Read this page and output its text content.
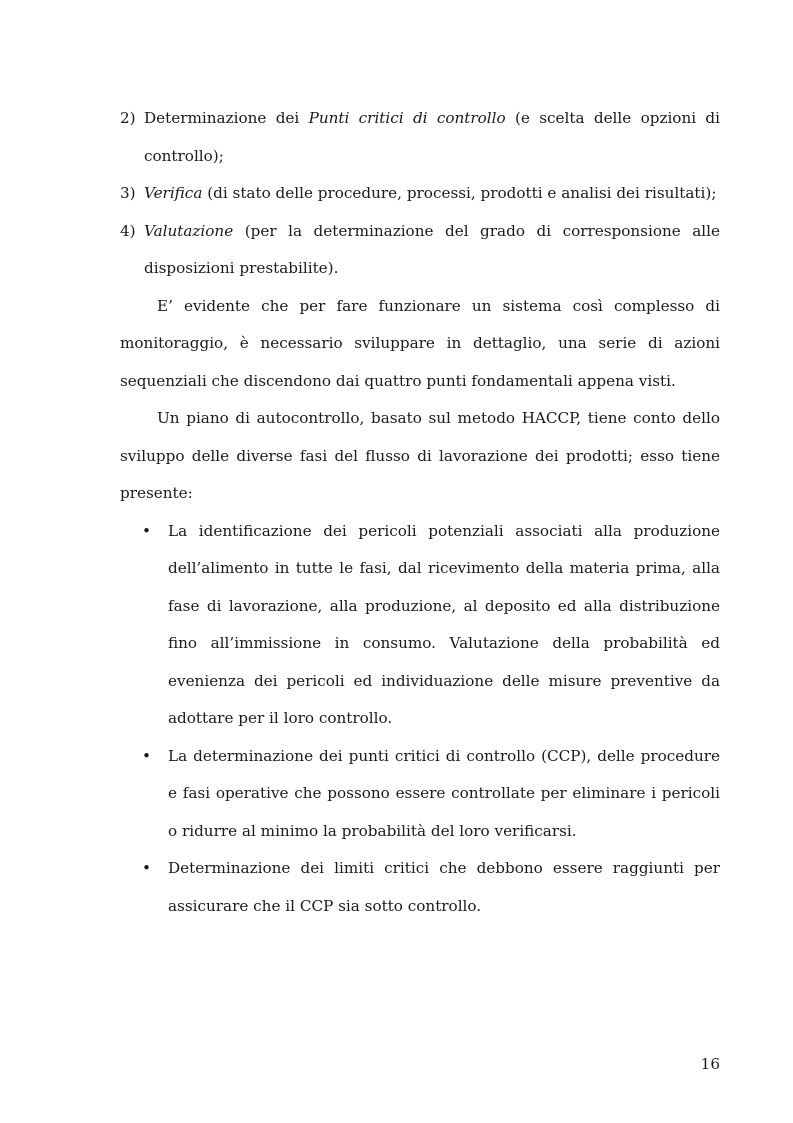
2) Determinazione dei Punti critici di controllo (e scelta delle opzioni di controllo);
3) Verifica (di stato delle procedure, processi, prodotti e analisi dei risultati);
4) Valutazione (per la determinazione del grado di corresponsione alle disposizioni prestabilite).

E’ evidente che per fare funzionare un sistema così complesso di monitoraggio, è necessario sviluppare in dettaglio, una serie di azioni sequenziali che discendono dai quattro punti fondamentali appena visti.

Un piano di autocontrollo, basato sul metodo HACCP, tiene conto dello sviluppo delle diverse fasi del flusso di lavorazione dei prodotti; esso tiene presente:

• La identificazione dei pericoli potenziali associati alla produzione dell’alimento in tutte le fasi, dal ricevimento della materia prima, alla fase di lavorazione, alla produzione, al deposito ed alla distribuzione fino all’immissione in consumo. Valutazione della probabilità ed evenienza dei pericoli ed individuazione delle misure preventive da adottare per il loro controllo.
• La determinazione dei punti critici di controllo (CCP), delle procedure e fasi operative che possono essere controllate per eliminare i pericoli o ridurre al minimo la probabilità del loro verificarsi.
• Determinazione dei limiti critici che debbono essere raggiunti per assicurare che il CCP sia sotto controllo.
16
